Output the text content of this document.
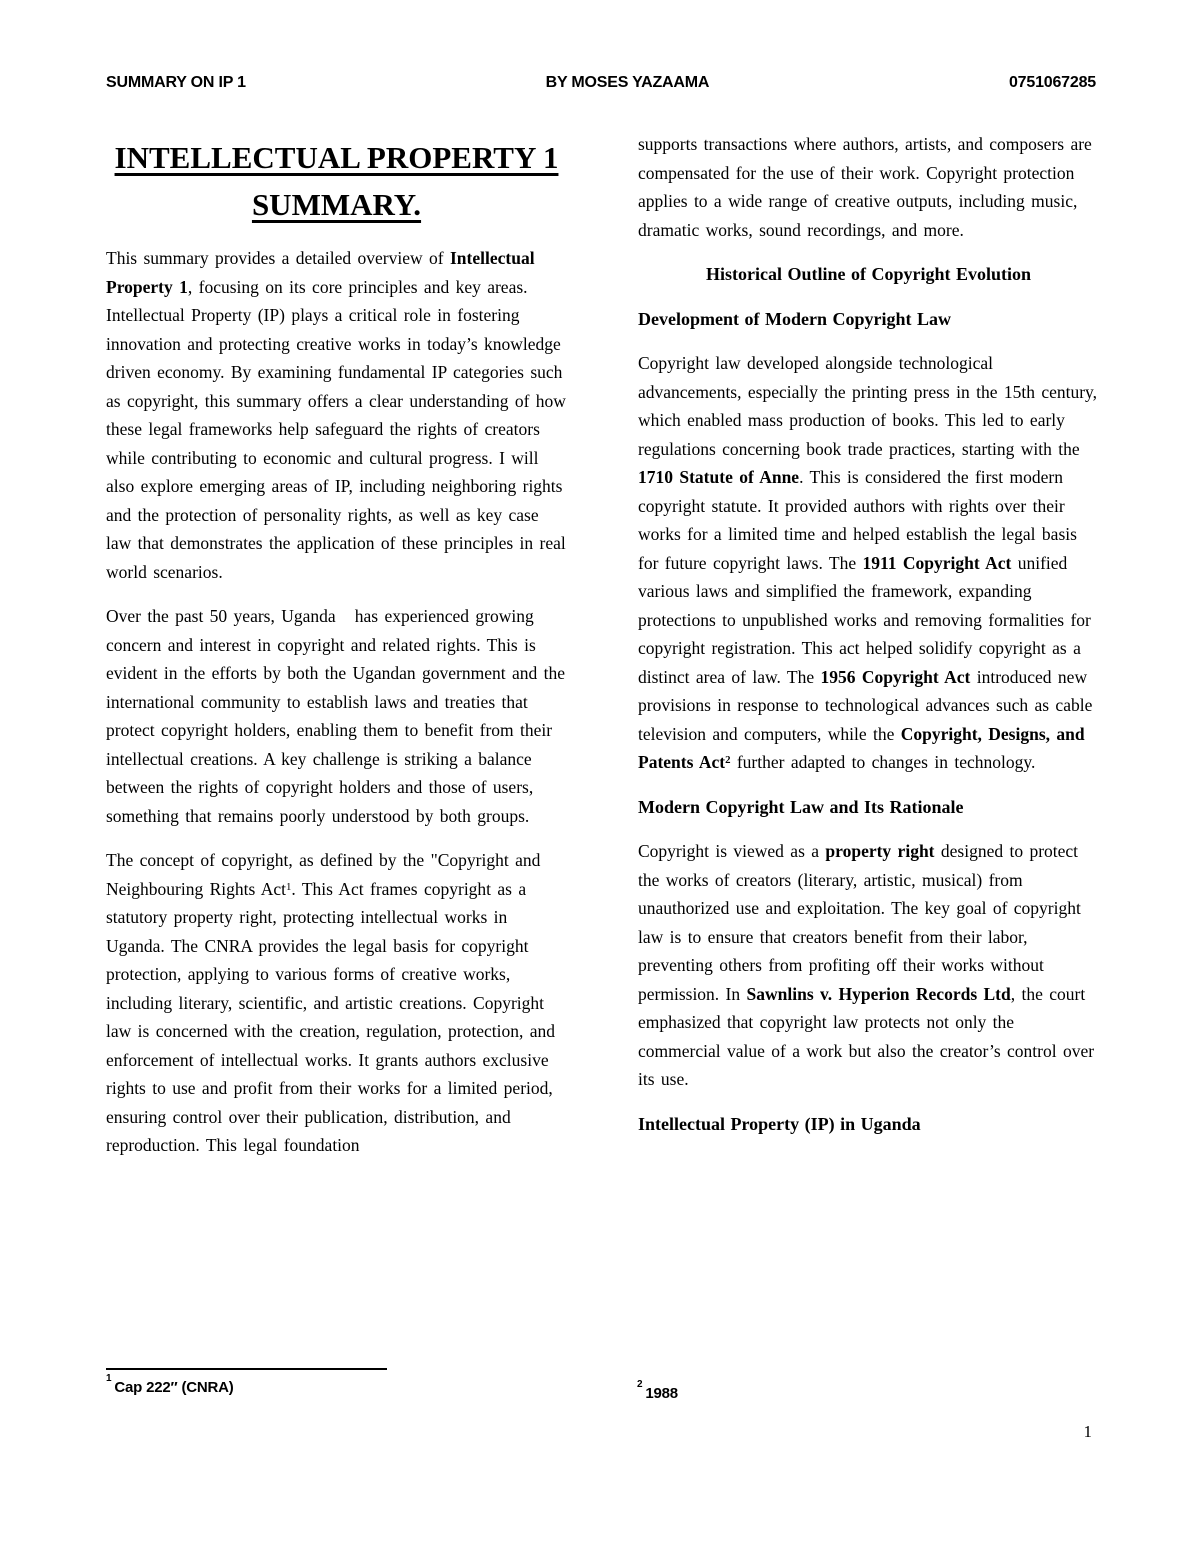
SUMMARY ON IP 1	BY MOSES YAZAAMA	0751067285
INTELLECTUAL PROPERTY 1
SUMMARY.

This summary provides a detailed overview of Intellectual Property 1, focusing on its core principles and key areas. Intellectual Property (IP) plays a critical role in fostering innovation and protecting creative works in today’s knowledge driven economy. By examining fundamental IP categories such as copyright, this summary offers a clear understanding of how these legal frameworks help safeguard the rights of creators while contributing to economic and cultural progress. I will also explore emerging areas of IP, including neighboring rights and the protection of personality rights, as well as key case law that demonstrates the application of these principles in real world scenarios.

Over the past 50 years, Uganda   has experienced growing concern and interest in copyright and related rights. This is evident in the efforts by both the Ugandan government and the international community to establish laws and treaties that protect copyright holders, enabling them to benefit from their intellectual creations. A key challenge is striking a balance between the rights of copyright holders and those of users, something that remains poorly understood by both groups.

The concept of copyright, as defined by the "Copyright and Neighbouring Rights Act$^1$. This Act frames copyright as a statutory property right, protecting intellectual works in Uganda. The CNRA provides the legal basis for copyright protection, applying to various forms of creative works, including literary, scientific, and artistic creations. Copyright law is concerned with the creation, regulation, protection, and enforcement of intellectual works. It grants authors exclusive rights to use and profit from their works for a limited period, ensuring control over their publication, distribution, and reproduction. This legal foundation

supports transactions where authors, artists, and composers are compensated for the use of their work. Copyright protection applies to a wide range of creative outputs, including music, dramatic works, sound recordings, and more.

Historical Outline of Copyright Evolution
Development of Modern Copyright Law

Copyright law developed alongside technological advancements, especially the printing press in the 15th century, which enabled mass production of books. This led to early regulations concerning book trade practices, starting with the 1710 Statute of Anne. This is considered the first modern copyright statute. It provided authors with rights over their works for a limited time and helped establish the legal basis for future copyright laws. The 1911 Copyright Act unified various laws and simplified the framework, expanding protections to unpublished works and removing formalities for copyright registration. This act helped solidify copyright as a distinct area of law. The 1956 Copyright Act introduced new provisions in response to technological advances such as cable television and computers, while the Copyright, Designs, and Patents Act$^2$ further adapted to changes in technology.

Modern Copyright Law and Its Rationale

Copyright is viewed as a property right designed to protect the works of creators (literary, artistic, musical) from unauthorized use and exploitation. The key goal of copyright law is to ensure that creators benefit from their labor, preventing others from profiting off their works without permission. In Sawnlins v. Hyperion Records Ltd, the court emphasized that copyright law protects not only the commercial value of a work but also the creator’s control over its use.

Intellectual Property (IP) in Uganda
$^1$Cap 222″ (CNRA)	$^2$1988
1
